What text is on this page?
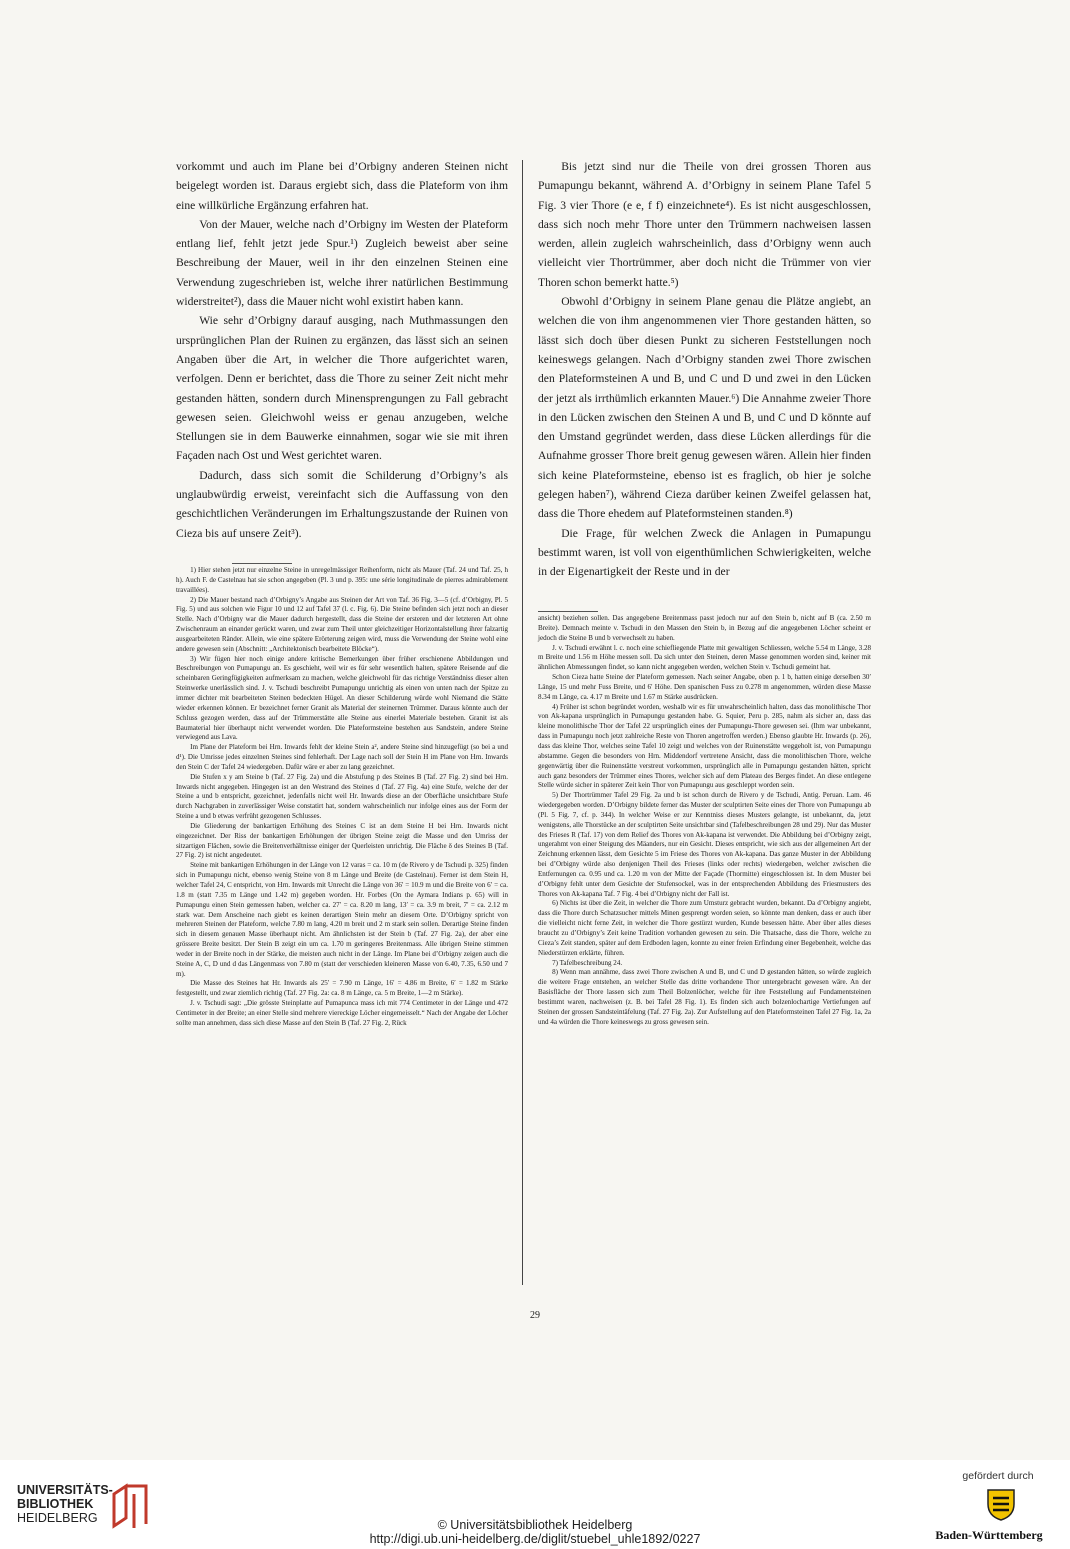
vorkommt und auch im Plane bei d’Orbigny anderen Steinen nicht beigelegt worden ist. Daraus ergiebt sich, dass die Plateform von ihm eine willkürliche Ergänzung erfahren hat.

Von der Mauer, welche nach d’Orbigny im Westen der Plateform entlang lief, fehlt jetzt jede Spur.¹) Zugleich beweist aber seine Beschreibung der Mauer, weil in ihr den einzelnen Steinen eine Verwendung zugeschrieben ist, welche ihrer natürlichen Bestimmung widerstreitet²), dass die Mauer nicht wohl existirt haben kann.

Wie sehr d’Orbigny darauf ausging, nach Muthmassungen den ursprünglichen Plan der Ruinen zu ergänzen, das lässt sich an seinen Angaben über die Art, in welcher die Thore aufgerichtet waren, verfolgen. Denn er berichtet, dass die Thore zu seiner Zeit nicht mehr gestanden hätten, sondern durch Minensprengungen zu Fall gebracht gewesen seien. Gleichwohl weiss er genau anzugeben, welche Stellungen sie in dem Bauwerke einnahmen, sogar wie sie mit ihren Façaden nach Ost und West gerichtet waren.

Dadurch, dass sich somit die Schilderung d’Orbigny’s als unglaubwürdig erweist, vereinfacht sich die Auffassung von den geschichtlichen Veränderungen im Erhaltungszustande der Ruinen von Cieza bis auf unsere Zeit³).

1) Hier stehen jetzt nur einzelne Steine in unregelmässiger Reihenform, nicht als Mauer (Taf. 24 und Taf. 25, h h). Auch F. de Castelnau hat sie schon angegeben (Pl. 3 und p. 395: une série longitudinale de pierres admirablement travaillées).

2) Die Mauer bestand nach d’Orbigny’s Angabe aus Steinen der Art von Taf. 36 Fig. 3—5 (cf. d’Orbigny, Pl. 5 Fig. 5) und aus solchen wie Figur 10 und 12 auf Tafel 37 (l. c. Fig. 6). Die Steine befinden sich jetzt noch an dieser Stelle. Nach d’Orbigny war die Mauer dadurch hergestellt, dass die Steine der ersteren und der letzteren Art ohne Zwischenraum an einander gerückt waren, und zwar zum Theil unter gleichzeitiger Horizontalstellung ihrer falzartig ausgearbeiteten Ränder. Allein, wie eine spätere Erörterung zeigen wird, muss die Verwendung der Steine wohl eine andere gewesen sein (Abschnitt: „Architektonisch bearbeitete Blöcke“).

3) Wir fügen hier noch einige andere kritische Bemerkungen über früher erschienene Abbildungen und Beschreibungen von Pumapungu an. Es geschieht, weil wir es für sehr wesentlich halten, spätere Reisende auf die scheinbaren Geringfügigkeiten aufmerksam zu machen, welche gleichwohl für das richtige Verständniss dieser alten Steinwerke unerlässlich sind. J. v. Tschudi beschreibt Pumapungu unrichtig als einen von unten nach der Spitze zu immer dichter mit bearbeiteten Steinen bedeckten Hügel. An dieser Schilderung würde wohl Niemand die Stätte wieder erkennen können. Er bezeichnet ferner Granit als Material der steinernen Trümmer. Daraus könnte auch der Schluss gezogen werden, dass auf der Trümmerstätte alle Steine aus einerlei Materiale bestehen. Granit ist als Baumaterial hier überhaupt nicht verwendet worden. Die Plateformsteine bestehen aus Sandstein, andere Steine verwiegend aus Lava.

Im Plane der Plateform bei Hrn. Inwards fehlt der kleine Stein a², andere Steine sind hinzugefügt (so bei a und d¹). Die Umrisse jedes einzelnen Steines sind fehlerhaft. Der Lage nach soll der Stein H im Plane von Hrn. Inwards den Stein C der Tafel 24 wiedergeben. Dafür wäre er aber zu lang gezeichnet.

Die Stufen x y am Steine b (Taf. 27 Fig. 2a) und die Abstufung p des Steines B (Taf. 27 Fig. 2) sind bei Hrn. Inwards nicht angegeben. Hingegen ist an den Westrand des Steines d (Taf. 27 Fig. 4a) eine Stufe, welche der der Steine a und b entspricht, gezeichnet, jedenfalls nicht weil Hr. Inwards diese an der Oberfläche unsichtbare Stufe durch Nachgraben in zuverlässiger Weise constatirt hat, sondern wahrscheinlich nur infolge eines aus der Form der Steine a und b etwas verfrüht gezogenen Schlusses.

Die Gliederung der bankartigen Erhöhung des Steines C ist an dem Steine H bei Hrn. Inwards nicht eingezeichnet. Der Riss der bankartigen Erhöhungen der übrigen Steine zeigt die Masse und den Umriss der sitzartigen Flächen, sowie die Breitenverhältnisse einiger der Querleisten unrichtig. Die Fläche δ des Steines B (Taf. 27 Fig. 2) ist nicht angedeutet.

Steine mit bankartigen Erhöhungen in der Länge von 12 varas = ca. 10 m (de Rivero y de Tschudi p. 325) finden sich in Pumapungu nicht, ebenso wenig Steine von 8 m Länge und Breite (de Castelnau). Ferner ist dem Stein H, welcher Tafel 24, C entspricht, von Hrn. Inwards mit Unrecht die Länge von 36′ = 10.9 m und die Breite von 6′ = ca. 1.8 m (statt 7.35 m Länge und 1.42 m) gegeben worden. Hr. Forbes (On the Aymara Indians p. 65) will in Pumapungu einen Stein gemessen haben, welcher ca. 27′ = ca. 8.20 m lang, 13′ = ca. 3.9 m breit, 7′ = ca. 2.12 m stark war. Dem Anscheine nach giebt es keinen derartigen Stein mehr an diesem Orte. D’Orbigny spricht von mehreren Steinen der Plateform, welche 7.80 m lang, 4.20 m breit und 2 m stark sein sollen. Derartige Steine finden sich in diesem genauen Masse überhaupt nicht. Am ähnlichsten ist der Stein b (Taf. 27 Fig. 2a), der aber eine grössere Breite besitzt. Der Stein B zeigt ein um ca. 1.70 m geringeres Breitenmass. Alle übrigen Steine stimmen weder in der Breite noch in der Stärke, die meisten auch nicht in der Länge. Im Plane bei d’Orbigny zeigen auch die Steine A, C, D und d das Längenmass von 7.80 m (statt der verschieden kleineren Masse von 6.40, 7.35, 6.50 und 7 m).

Die Masse des Steines hat Hr. Inwards als 25′ = 7.90 m Länge, 16′ = 4.86 m Breite, 6′ = 1.82 m Stärke festgestellt, und zwar ziemlich richtig (Taf. 27 Fig. 2a: ca. 8 m Länge, ca. 5 m Breite, 1—2 m Stärke).

J. v. Tschudi sagt: „Die grösste Steinplatte auf Pumapunca mass ich mit 774 Centimeter in der Länge und 472 Centimeter in der Breite; an einer Stelle sind mehrere viereckige Löcher eingemeisselt.“ Nach der Angabe der Löcher sollte man annehmen, dass sich diese Masse auf den Stein B (Taf. 27 Fig. 2, Rück

Bis jetzt sind nur die Theile von drei grossen Thoren aus Pumapungu bekannt, während A. d’Orbigny in seinem Plane Tafel 5 Fig. 3 vier Thore (e e, f f) einzeichnete⁴). Es ist nicht ausgeschlossen, dass sich noch mehr Thore unter den Trümmern nachweisen lassen werden, allein zugleich wahrscheinlich, dass d’Orbigny wenn auch vielleicht vier Thortrümmer, aber doch nicht die Trümmer von vier Thoren schon bemerkt hatte.⁵)

Obwohl d’Orbigny in seinem Plane genau die Plätze angiebt, an welchen die von ihm angenommenen vier Thore gestanden hätten, so lässt sich doch über diesen Punkt zu sicheren Feststellungen noch keineswegs gelangen. Nach d’Orbigny standen zwei Thore zwischen den Plateformsteinen A und B, und C und D und zwei in den Lücken der jetzt als irrthümlich erkannten Mauer.⁶) Die Annahme zweier Thore in den Lücken zwischen den Steinen A und B, und C und D könnte auf den Umstand gegründet werden, dass diese Lücken allerdings für die Aufnahme grosser Thore breit genug gewesen wären. Allein hier finden sich keine Plateformsteine, ebenso ist es fraglich, ob hier je solche gelegen haben⁷), während Cieza darüber keinen Zweifel gelassen hat, dass die Thore ehedem auf Plateformsteinen standen.⁸)

Die Frage, für welchen Zweck die Anlagen in Pumapungu bestimmt waren, ist voll von eigenthümlichen Schwierigkeiten, welche in der Eigenartigkeit der Reste und in der

ansicht) beziehen sollen. Das angegebene Breitenmass passt jedoch nur auf den Stein b, nicht auf B (ca. 2.50 m Breite). Demnach meinte v. Tschudi in den Massen den Stein b, in Bezug auf die angegebenen Löcher scheint er jedoch die Steine B und b verwechselt zu haben.

J. v. Tschudi erwähnt l. c. noch eine schiefliegende Platte mit gewaltigen Schliessen, welche 5.54 m Länge, 3.28 m Breite und 1.56 m Höhe messen soll. Da sich unter den Steinen, deren Masse genommen worden sind, keiner mit ähnlichen Abmessungen findet, so kann nicht angegeben werden, welchen Stein v. Tschudi gemeint hat.

Schon Cieza hatte Steine der Plateform gemessen. Nach seiner Angabe, oben p. 1 b, hatten einige derselben 30′ Länge, 15 und mehr Fuss Breite, und 6′ Höhe. Den spanischen Fuss zu 0.278 m angenommen, würden diese Masse 8.34 m Länge, ca. 4.17 m Breite und 1.67 m Stärke ausdrücken.

4) Früher ist schon begründet worden, weshalb wir es für unwahrscheinlich halten, dass das monolithische Thor von Ak-kapana ursprünglich in Pumapungu gestanden habe. G. Squier, Peru p. 285, nahm als sicher an, dass das kleine monolithische Thor der Tafel 22 ursprünglich eines der Pumapungu-Thore gewesen sei. (Ihm war unbekannt, dass in Pumapungu noch jetzt zahlreiche Reste von Thoren angetroffen werden.) Ebenso glaubte Hr. Inwards (p. 26), dass das kleine Thor, welches seine Tafel 10 zeigt und welches von der Ruinenstätte weggeholt ist, von Pumapungu abstamme. Gegen die besonders von Hrn. Middendorf vertretene Ansicht, dass die monolithischen Thore, welche gegenwärtig über die Ruinenstätte verstreut vorkommen, ursprünglich alle in Pumapungu gestanden hätten, spricht auch ganz besonders der Trümmer eines Thores, welcher sich auf dem Plateau des Berges findet. An diese entlegene Stelle würde sicher in späterer Zeit kein Thor von Pumapungu aus geschleppt worden sein.

5) Der Thortrümmer Tafel 29 Fig. 2a und b ist schon durch de Rivero y de Tschudi, Antig. Peruan. Lam. 46 wiedergegeben worden. D’Orbigny bildete ferner das Muster der sculptirten Seite eines der Thore von Pumapungu ab (Pl. 5 Fig. 7, cf. p. 344). In welcher Weise er zur Kenntniss dieses Musters gelangte, ist unbekannt, da, jetzt wenigstens, alle Thorstücke an der sculptirten Seite unsichtbar sind (Tafelbeschreibungen 28 und 29). Nur das Muster des Frieses R (Taf. 17) von dem Relief des Thores von Ak-kapana ist verwendet. Die Abbildung bei d’Orbigny zeigt, ungerahmt von einer Steigung des Mäanders, nur ein Gesicht. Dieses entspricht, wie sich aus der allgemeinen Art der Zeichnung erkennen lässt, dem Gesichte 5 im Friese des Thores von Ak-kapana. Das ganze Muster in der Abbildung bei d’Orbigny würde also denjenigen Theil des Frieses (links oder rechts) wiedergeben, welcher zwischen die Entfernungen ca. 0.95 und ca. 1.20 m von der Mitte der Façade (Thormitte) eingeschlossen ist. In dem Muster bei d’Orbigny fehlt unter dem Gesichte der Stufensockel, was in der entsprechenden Abbildung des Friesmusters des Thores von Ak-kapana Taf. 7 Fig. 4 bei d’Orbigny nicht der Fall ist.

6) Nichts ist über die Zeit, in welcher die Thore zum Umsturz gebracht wurden, bekannt. Da d’Orbigny angiebt, dass die Thore durch Schatzsucher mittels Minen gesprengt worden seien, so könnte man denken, dass er auch über die vielleicht nicht ferne Zeit, in welcher die Thore gestürzt wurden, Kunde besessen hätte. Aber über alles dieses braucht zu d’Orbigny’s Zeit keine Tradition vorhanden gewesen zu sein. Die Thatsache, dass die Thore, welche zu Cieza’s Zeit standen, später auf dem Erdboden lagen, konnte zu einer freien Erfindung einer Begebenheit, welche das Niederstürzen erklärte, führen.

7) Tafelbeschreibung 24.

8) Wenn man annähme, dass zwei Thore zwischen A und B, und C und D gestanden hätten, so würde zugleich die weitere Frage entstehen, an welcher Stelle das dritte vorhandene Thor untergebracht gewesen wäre. An der Basisfläche der Thore lassen sich zum Theil Bolzenlöcher, welche für ihre Feststellung auf Fundamentsteinen bestimmt waren, nachweisen (z. B. bei Tafel 28 Fig. 1). Es finden sich auch bolzenlochartige Vertiefungen auf Steinen der grossen Sandsteintäfelung (Taf. 27 Fig. 2a). Zur Aufstellung auf den Plateformsteinen Tafel 27 Fig. 1a, 2a und 4a würden die Thore keineswegs zu gross gewesen sein.

29
UNIVERSITÄTS-
BIBLIOTHEK
HEIDELBERG	© Universitätsbibliothek Heidelberg
http://digi.ub.uni-heidelberg.de/diglit/stuebel_uhle1892/0227
gefördert durch
Baden-Württemberg
